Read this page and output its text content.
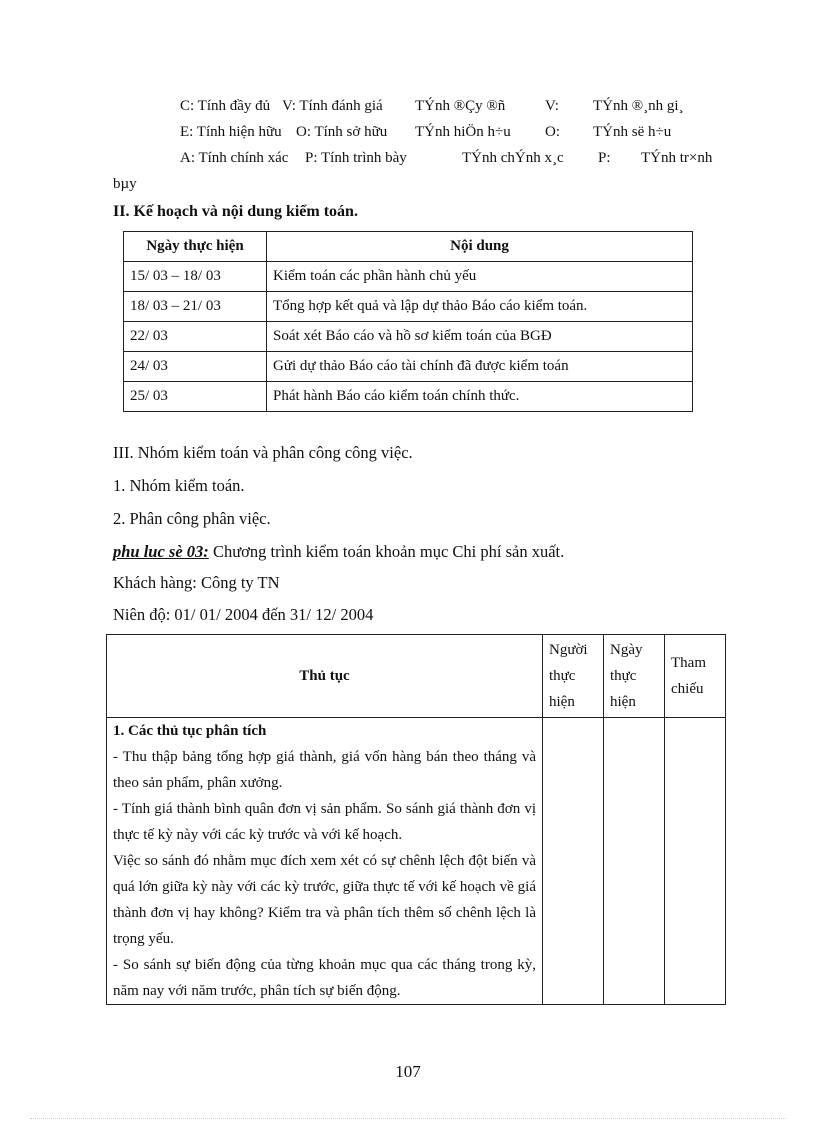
C: Tính đầy đủ V: Tính đánh giá TÝnh ®Çy ®ñ	V: TÝnh ®¸nh gi¸
E: Tính hiện hữu O: Tính sở hữu TÝnh hiÖn h÷u O: TÝnh së h÷u
A: Tính chính xác P: Tính trình bày	TÝnh chÝnh x¸c P: TÝnh tr×nh
bµy
II. Kế hoạch và nội dung kiểm toán.
Ngày thực hiện	Nội dung
15/ 03 – 18/ 03	Kiểm toán các phần hành chủ yếu
18/ 03 – 21/ 03	Tổng hợp kết quả và lập dự thảo Báo cáo kiểm toán.
22/ 03	Soát xét Báo cáo và hồ sơ kiểm toán của BGĐ
24/ 03	Gửi dự thảo Báo cáo tài chính đã được kiểm toán
25/ 03	Phát hành Báo cáo kiểm toán chính thức.
III. Nhóm kiểm toán và phân công công việc.
1. Nhóm kiểm toán.
2. Phân công phân việc.
phu luc sè 03: Chương trình kiểm toán khoản mục Chi phí sản xuất.
Khách hàng: Công ty TN
Niên độ: 01/ 01/ 2004 đến 31/ 12/ 2004
Thủ tục	Người thực hiện	Ngày thực hiện	Tham chiếu

1. Các thủ tục phân tích
- Thu thập bảng tổng hợp giá thành, giá vốn hàng bán theo tháng và theo sản phẩm, phân xưởng.
- Tính giá thành bình quân đơn vị sản phẩm. So sánh giá thành đơn vị thực tế kỳ này với các kỳ trước và với kế hoạch.
Việc so sánh đó nhằm mục đích xem xét có sự chênh lệch đột biến và quá lớn giữa kỳ này với các kỳ trước, giữa thực tế với kế hoạch về giá thành đơn vị hay không? Kiểm tra và phân tích thêm số chênh lệch là trọng yếu.
- So sánh sự biến động của từng khoản mục qua các tháng trong kỳ, năm nay với năm trước, phân tích sự biến động.			

107
